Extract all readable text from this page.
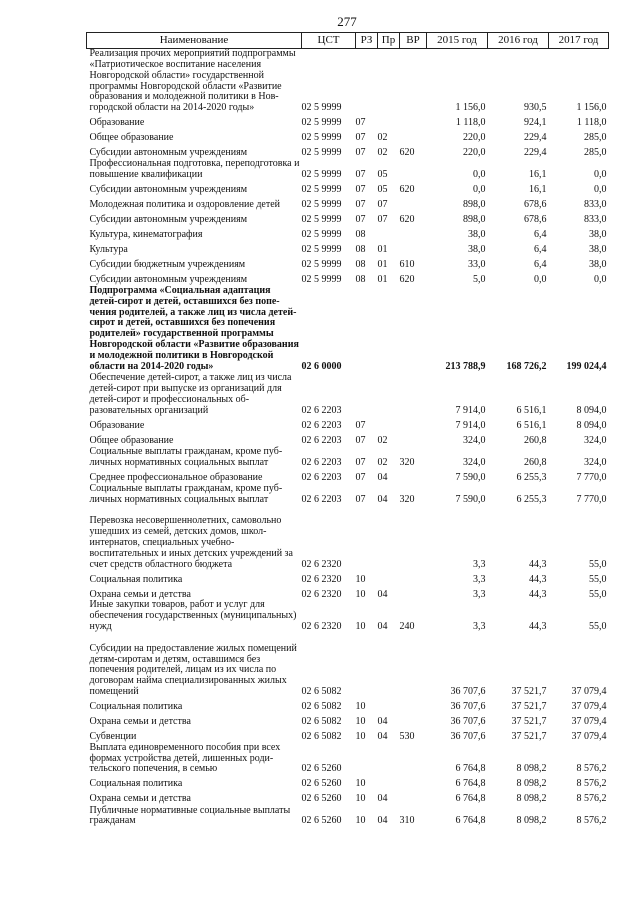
277
Наименование	ЦСТ	РЗ	Пр	ВР	2015 год	2016 год	2017 год
Реализация прочих мероприятий подпрограммы «Патриотическое воспитание населения Новгородской области» государственной программы Новгородской области «Развитие образования и молодежной политики в Новгородской области на 2014-2020 годы»	02 5 9999				1 156,0	930,5	1 156,0
Образование	02 5 9999	07			1 118,0	924,1	1 118,0
Общее образование	02 5 9999	07	02		220,0	229,4	285,0
Субсидии автономным учреждениям	02 5 9999	07	02	620	220,0	229,4	285,0
Профессиональная подготовка, переподготовка и повышение квалификации	02 5 9999	07	05		0,0	16,1	0,0
Субсидии автономным учреждениям	02 5 9999	07	05	620	0,0	16,1	0,0
Молодежная политика и оздоровление детей	02 5 9999	07	07		898,0	678,6	833,0
Субсидии автономным учреждениям	02 5 9999	07	07	620	898,0	678,6	833,0
Культура, кинематография	02 5 9999	08			38,0	6,4	38,0
Культура	02 5 9999	08	01		38,0	6,4	38,0
Субсидии бюджетным учреждениям	02 5 9999	08	01	610	33,0	6,4	38,0
Субсидии автономным учреждениям	02 5 9999	08	01	620	5,0	0,0	0,0
Подпрограмма «Социальная адаптация детей-сирот и детей, оставшихся без попечения родителей, а также лиц из числа детей-сирот и детей, оставшихся без попечения родителей» государственной программы Новгородской области «Развитие образования и молодежной политики в Новгородской области на 2014-2020 годы»	02 6 0000				213 788,9	168 726,2	199 024,4
Обеспечение детей-сирот, а также лиц из числа детей-сирот при выпуске из организаций для детей-сирот и профессиональных образовательных организаций	02 6 2203				7 914,0	6 516,1	8 094,0
Образование	02 6 2203	07			7 914,0	6 516,1	8 094,0
Общее образование	02 6 2203	07	02		324,0	260,8	324,0
Социальные выплаты гражданам, кроме публичных нормативных социальных выплат	02 6 2203	07	02	320	324,0	260,8	324,0
Среднее профессиональное образование	02 6 2203	07	04		7 590,0	6 255,3	7 770,0
Социальные выплаты гражданам, кроме публичных нормативных социальных выплат	02 6 2203	07	04	320	7 590,0	6 255,3	7 770,0
Перевозка несовершеннолетних, самовольно ушедших из семей, детских домов, школ-интернатов, специальных учебно-воспитательных и иных детских учреждений за счет средств областного бюджета	02 6 2320				3,3	44,3	55,0
Социальная политика	02 6 2320	10			3,3	44,3	55,0
Охрана семьи и детства	02 6 2320	10	04		3,3	44,3	55,0
Иные закупки товаров, работ и услуг для обеспечения государственных (муниципальных) нужд	02 6 2320	10	04	240	3,3	44,3	55,0
Субсидии на предоставление жилых помещений детям-сиротам и детям, оставшимся без попечения родителей, лицам из их числа по договорам найма специализированных жилых помещений	02 6 5082				36 707,6	37 521,7	37 079,4
Социальная политика	02 6 5082	10			36 707,6	37 521,7	37 079,4
Охрана семьи и детства	02 6 5082	10	04		36 707,6	37 521,7	37 079,4
Субвенции	02 6 5082	10	04	530	36 707,6	37 521,7	37 079,4
Выплата единовременного пособия при всех формах устройства детей, лишенных родительского попечения, в семью	02 6 5260				6 764,8	8 098,2	8 576,2
Социальная политика	02 6 5260	10			6 764,8	8 098,2	8 576,2
Охрана семьи и детства	02 6 5260	10	04		6 764,8	8 098,2	8 576,2
Публичные нормативные социальные выплаты гражданам	02 6 5260	10	04	310	6 764,8	8 098,2	8 576,2
